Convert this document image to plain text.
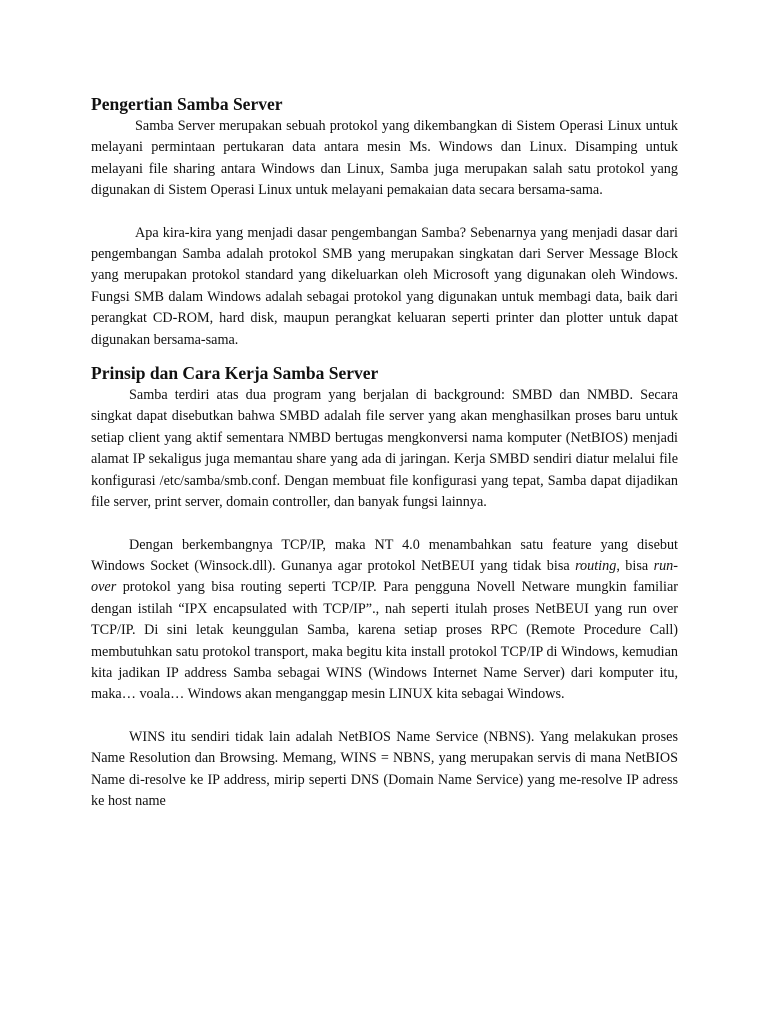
Pengertian Samba Server

Samba Server merupakan sebuah protokol yang dikembangkan di Sistem Operasi Linux untuk melayani permintaan pertukaran data antara mesin Ms. Windows dan Linux. Disamping untuk melayani file sharing antara Windows dan Linux, Samba juga merupakan salah satu protokol yang digunakan di Sistem Operasi Linux untuk melayani pemakaian data secara bersama-sama.

Apa kira-kira yang menjadi dasar pengembangan Samba? Sebenarnya yang menjadi dasar dari pengembangan Samba adalah protokol SMB yang merupakan singkatan dari Server Message Block yang merupakan protokol standard yang dikeluarkan oleh Microsoft yang digunakan oleh Windows. Fungsi SMB dalam Windows adalah sebagai protokol yang digunakan untuk membagi data, baik dari perangkat CD-ROM, hard disk, maupun perangkat keluaran seperti printer dan plotter untuk dapat digunakan bersama-sama.

Prinsip dan Cara Kerja Samba Server

Samba terdiri atas dua program yang berjalan di background: SMBD dan NMBD. Secara singkat dapat disebutkan bahwa SMBD adalah file server yang akan menghasilkan proses baru untuk setiap client yang aktif sementara NMBD bertugas mengkonversi nama komputer (NetBIOS) menjadi alamat IP sekaligus juga memantau share yang ada di jaringan. Kerja SMBD sendiri diatur melalui file konfigurasi /etc/samba/smb.conf. Dengan membuat file konfigurasi yang tepat, Samba dapat dijadikan file server, print server, domain controller, dan banyak fungsi lainnya.

Dengan berkembangnya TCP/IP, maka NT 4.0 menambahkan satu feature yang disebut Windows Socket (Winsock.dll). Gunanya agar protokol NetBEUI yang tidak bisa routing, bisa run-over protokol yang bisa routing seperti TCP/IP. Para pengguna Novell Netware mungkin familiar dengan istilah “IPX encapsulated with TCP/IP”., nah seperti itulah proses NetBEUI yang run over TCP/IP. Di sini letak keunggulan Samba, karena setiap proses RPC (Remote Procedure Call) membutuhkan satu protokol transport, maka begitu kita install protokol TCP/IP di Windows, kemudian kita jadikan IP address Samba sebagai WINS (Windows Internet Name Server) dari komputer itu, maka… voala… Windows akan menganggap mesin LINUX kita sebagai Windows.

WINS itu sendiri tidak lain adalah NetBIOS Name Service (NBNS). Yang melakukan proses Name Resolution dan Browsing. Memang, WINS = NBNS, yang merupakan servis di mana NetBIOS Name di-resolve ke IP address, mirip seperti DNS (Domain Name Service) yang me-resolve IP adress ke host name
